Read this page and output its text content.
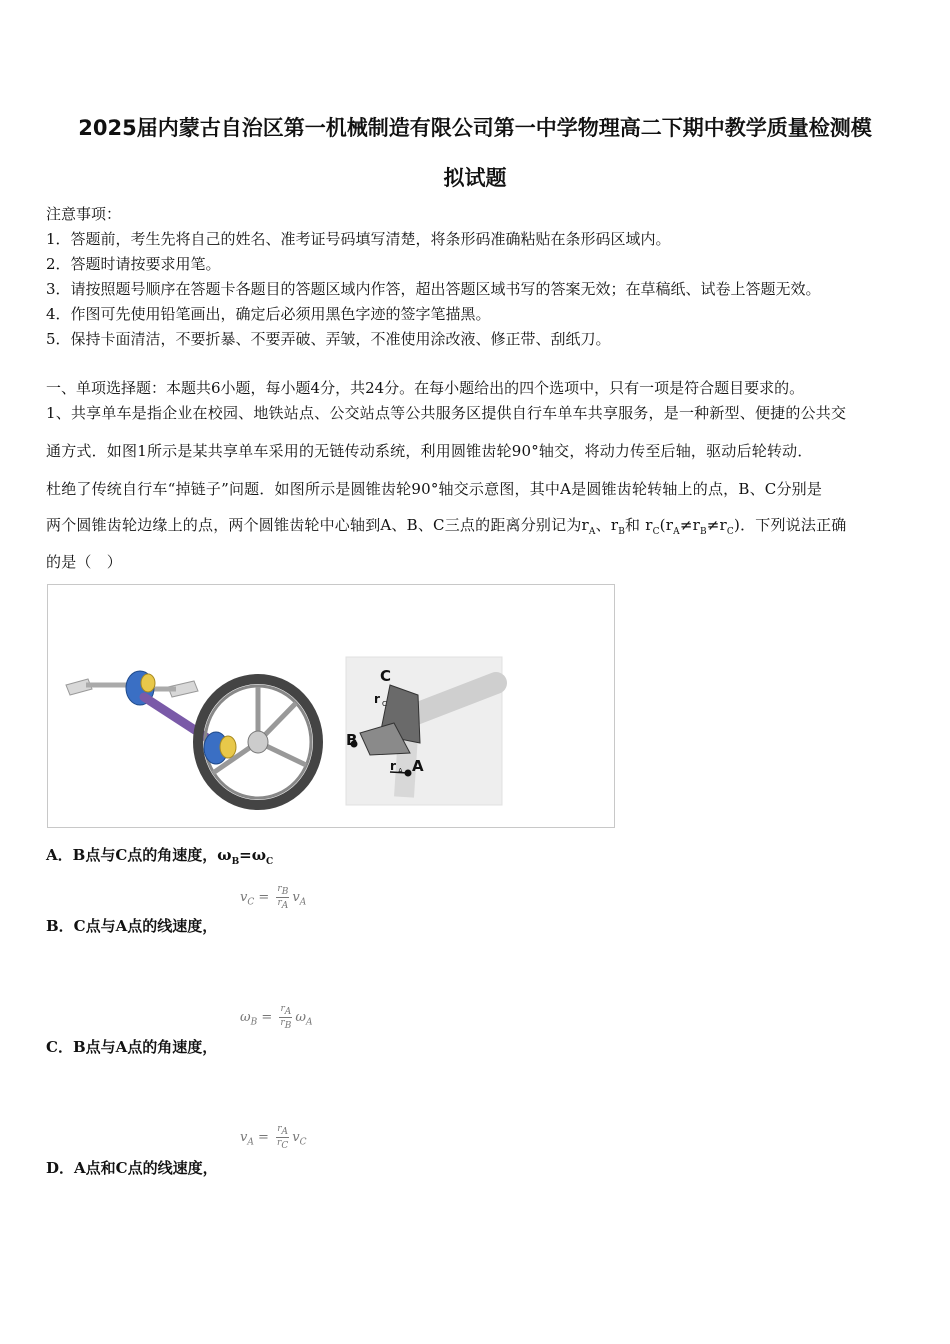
2025届内蒙古自治区第一机械制造有限公司第一中学物理高二下期中教学质量检测模
拟试题
注意事项：
1．答题前，考生先将自己的姓名、准考证号码填写清楚，将条形码准确粘贴在条形码区域内。
2．答题时请按要求用笔。
3．请按照题号顺序在答题卡各题目的答题区域内作答，超出答题区域书写的答案无效；在草稿纸、试卷上答题无效。
4．作图可先使用铅笔画出，确定后必须用黑色字迹的签字笔描黑。
5．保持卡面清洁，不要折暴、不要弄破、弄皱，不准使用涂改液、修正带、刮纸刀。
一、单项选择题：本题共6小题，每小题4分，共24分。在每小题给出的四个选项中，只有一项是符合题目要求的。
1、共享单车是指企业在校园、地铁站点、公交站点等公共服务区提供自行车单车共享服务，是一种新型、便捷的公共交
通方式．如图1所示是某共享单车采用的无链传动系统，利用圆锥齿轮90°轴交，将动力传至后轴，驱动后轮转动．
杜绝了传统自行车“掉链子”问题．如图所示是圆锥齿轮90°轴交示意图，其中A是圆锥齿轮转轴上的点，B、C分别是
两个圆锥齿轮边缘上的点，两个圆锥齿轮中心轴到A、B、C三点的距离分别记为$r_A$、$r_B$和 $r_C(r_A\ne r_B\ne r_C)$．下列说法正确
的是（　）
C
r C
B
r A A
A．B点与C点的角速度，$\omega_B=\omega_C$
$v_C = \frac{r_B}{r_A} v_A$
B．C点与A点的线速度，
$\omega_B = \frac{r_A}{r_B} \omega_A$
C．B点与A点的角速度，
$v_A = \frac{r_A}{r_C} v_C$
D．A点和C点的线速度，
